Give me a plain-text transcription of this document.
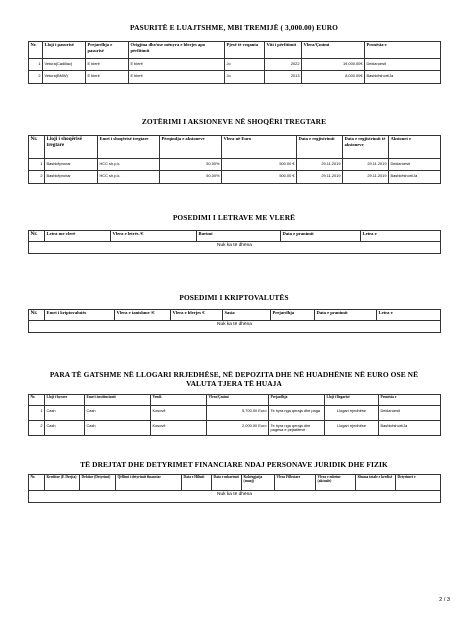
PASURITË E LUAJTSHME, MBI TREMIJË ( 3,000.00) EURO
Nr.	Lloji i pasurisë	Prejardhja e pasurisë	Origjina dhe/ose mënyra e blerjes apo përfitimit	Pjesë të veqanta	Viti i përfitimit	Vlera/Çmimi	Pronësia e
1	Vetura(Cadillac)	E blerë	E blerë	Jo	2022	19,000.00€	Deklaruesit
2	Vetura(BMW)	E blerë	E blerë	Jo	2013	8,000.00€	Bashkëshort/Ja
ZOTËRIMI I AKSIONEVE NË SHOQËRI TREGTARE
Nr.	Lloji i shoqërisë tregtare	Emri i shoqërisë tregtare	Përqindja e aksioneve	Vlera në Euro	Data e regjistrimit	Data e regjistrimit të aksioneve	Aksionet e
1	Bashkëpronar	HCC sh.p.k.	50.00%	500.00 €	29.11.2019	29.11.2019	Deklaruesit
2	Bashkëpronar	HCC sh.p.k.	50.00%	500.00 €	29.11.2019	29.11.2019	Bashkëshort/Ja
POSEDIMI I LETRAVE ME VLERË
Nr.	Letra me vlerë	Vlera e letrës /€	Burimi	Data e pranimit	Letra e
Nuk ka të dhëna
POSEDIMI I KRIPTOVALUTËS
Nr.	Emri i kriptovalutës	Vlera e tanishme /€	Vlera e blerjes €	Sasia	Prejardhja	Data e pranimit	Letra e
Nuk ka të dhëna
PARA TË GATSHME NË LLOGARI RRJEDHËSE, NË DEPOZITA DHE NË HUADHËNIE NË EURO OSE NË
VALUTA TJERA TË HUAJA
Nr.	Lloji i hyrave	Emri i institucionit	Vendi	Vlera/Çmimi	Prejardhja	Lloji i llogarisë	Pronësia e
1	Cash	Cash	Kosovë	5,700.00 Euro	Te hyra nga qeraja dhe paga	Llogari rrjedhëse	Deklaruesit
2	Cash	Cash	Kosovë	2,000.00 Euro	Te hyra nga qeraja dhe pagesa e pejtatiteve	Llogari rrjedhëse	Bashkëshort/Ja
TË DREJTAT DHE DETYRIMET FINANCIARE NDAJ PERSONAVE JURIDIK DHE FIZIK
Nr.	Kreditor (E Drejta)	Debitor (Detyrimi)	Qëllimi i detyrimit financiar	Data e Hiltnit	Data e mbarimit	Kohëzgjatja (muaj)	Vlera Fillestare	Vlera e mbetur (aktuale)	Shuma totale e kredisë	Detyrimet e
Nuk ka të dhëna
2 / 3
